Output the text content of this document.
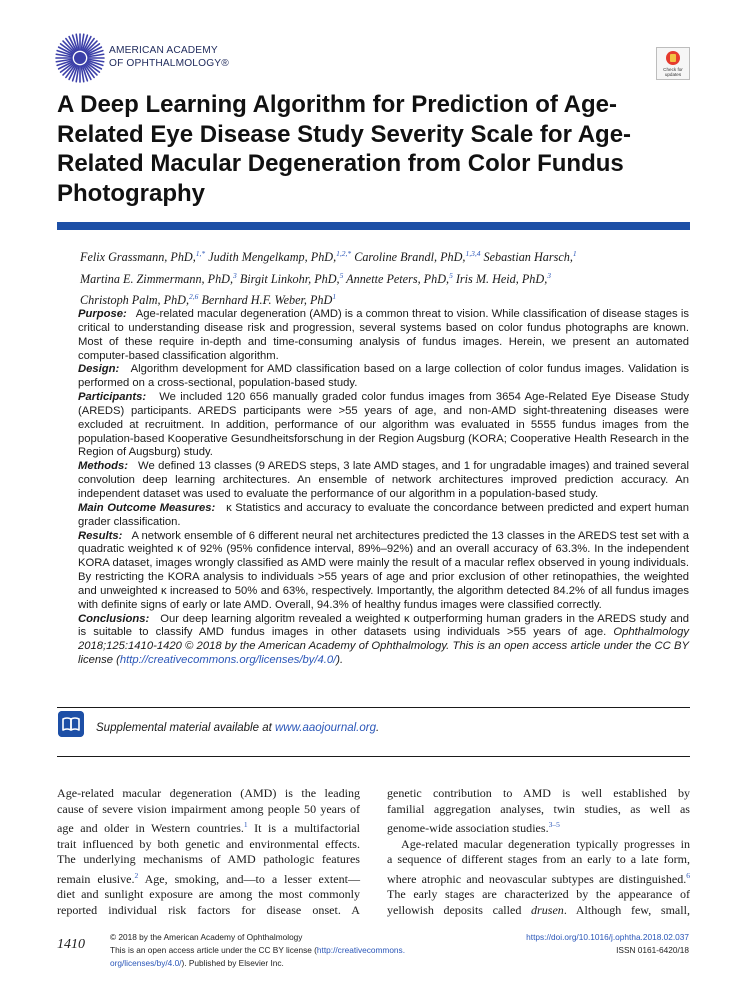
AMERICAN ACADEMY
OF OPHTHALMOLOGY®
Check for
updates
A Deep Learning Algorithm for Prediction of Age-Related Eye Disease Study Severity Scale for Age-Related Macular Degeneration from Color Fundus Photography
Felix Grassmann, PhD,$^{1,*}$ Judith Mengelkamp, PhD,$^{1,2,*}$ Caroline Brandl, PhD,$^{1,3,4}$ Sebastian Harsch,$^1$
Martina E. Zimmermann, PhD,$^3$ Birgit Linkohr, PhD,$^5$ Annette Peters, PhD,$^5$ Iris M. Heid, PhD,$^3$
Christoph Palm, PhD,$^{2,6}$ Bernhard H.F. Weber, PhD$^1$

Purpose: Age-related macular degeneration (AMD) is a common threat to vision. While classification of disease stages is critical to understanding disease risk and progression, several systems based on color fundus photographs are known. Most of these require in-depth and time-consuming analysis of fundus images. Herein, we present an automated computer-based classification algorithm.

Design: Algorithm development for AMD classification based on a large collection of color fundus images. Validation is performed on a cross-sectional, population-based study.

Participants: We included 120 656 manually graded color fundus images from 3654 Age-Related Eye Disease Study (AREDS) participants. AREDS participants were >55 years of age, and non-AMD sight-threatening diseases were excluded at recruitment. In addition, performance of our algorithm was evaluated in 5555 fundus images from the population-based Kooperative Gesundheitsforschung in der Region Augsburg (KORA; Cooperative Health Research in the Region of Augsburg) study.

Methods: We defined 13 classes (9 AREDS steps, 3 late AMD stages, and 1 for ungradable images) and trained several convolution deep learning architectures. An ensemble of network architectures improved prediction accuracy. An independent dataset was used to evaluate the performance of our algorithm in a population-based study.

Main Outcome Measures: κ Statistics and accuracy to evaluate the concordance between predicted and expert human grader classification.

Results: A network ensemble of 6 different neural net architectures predicted the 13 classes in the AREDS test set with a quadratic weighted κ of 92% (95% confidence interval, 89%–92%) and an overall accuracy of 63.3%. In the independent KORA dataset, images wrongly classified as AMD were mainly the result of a macular reflex observed in young individuals. By restricting the KORA analysis to individuals >55 years of age and prior exclusion of other retinopathies, the weighted and unweighted κ increased to 50% and 63%, respectively. Importantly, the algorithm detected 84.2% of all fundus images with definite signs of early or late AMD. Overall, 94.3% of healthy fundus images were classified correctly.

Conclusions: Our deep learning algoritm revealed a weighted κ outperforming human graders in the AREDS study and is suitable to classify AMD fundus images in other datasets using individuals >55 years of age. Ophthalmology 2018;125:1410-1420 © 2018 by the American Academy of Ophthalmology. This is an open access article under the CC BY license (http://creativecommons.org/licenses/by/4.0/).

Supplemental material available at www.aaojournal.org.
Age-related macular degeneration (AMD) is the leading
cause of severe vision impairment among people 50 years of
age and older in Western countries.$^1$ It is a multifactorial
trait influenced by both genetic and environmental effects.
The underlying mechanisms of AMD pathologic features
remain elusive.$^2$ Age, smoking, and—to a lesser extent—
diet and sunlight exposure are among the most commonly
reported individual risk factors for disease onset. A
genetic contribution to AMD is well established by
familial aggregation analyses, twin studies, as well as
genome-wide association studies.$^{3-5}$
Age-related macular degeneration typically progresses in
a sequence of different stages from an early to a late form,
where atrophic and neovascular subtypes are distinguished.$^6$
The early stages are characterized by the appearance of
yellowish deposits called drusen. Although few, small,
1410	© 2018 by the American Academy of Ophthalmology
This is an open access article under the CC BY license (http://creativecommons.
org/licenses/by/4.0/). Published by Elsevier Inc.
https://doi.org/10.1016/j.ophtha.2018.02.037
ISSN 0161-6420/18
